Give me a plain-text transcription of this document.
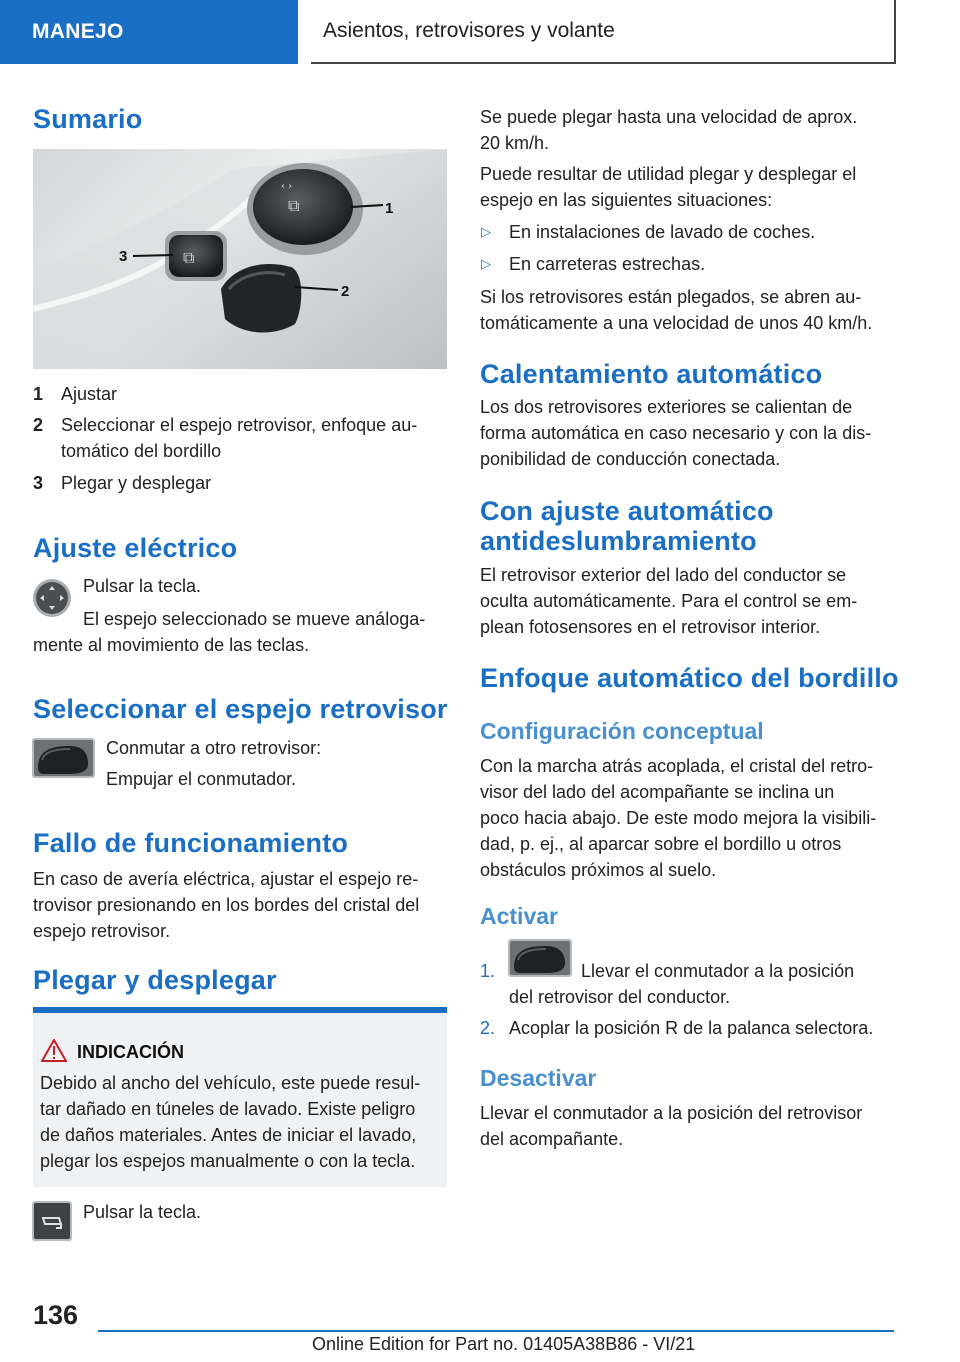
MANEJO	Asientos, retrovisores y volante
Sumario
⧉
‹ ›
⧉
1
2
3
1 Ajustar
2 Seleccionar el espejo retrovisor, enfoque au‐
tomático del bordillo
3 Plegar y desplegar
Ajuste eléctrico
Pulsar la tecla.
El espejo seleccionado se mueve análoga‐
mente al movimiento de las teclas.
Seleccionar el espejo retrovisor
Conmutar a otro retrovisor:
Empujar el conmutador.
Fallo de funcionamiento
En caso de avería eléctrica, ajustar el espejo re‐
trovisor presionando en los bordes del cristal del
espejo retrovisor.
Plegar y desplegar
INDICACIÓN
Debido al ancho del vehículo, este puede resul‐
tar dañado en túneles de lavado. Existe peligro
de daños materiales. Antes de iniciar el lavado,
plegar los espejos manualmente o con la tecla.
Pulsar la tecla.
Se puede plegar hasta una velocidad de aprox.
20 km/h.
Puede resultar de utilidad plegar y desplegar el
espejo en las siguientes situaciones:
▷ En instalaciones de lavado de coches.
▷ En carreteras estrechas.
Si los retrovisores están plegados, se abren au‐
tomáticamente a una velocidad de unos 40 km/h.
Calentamiento automático
Los dos retrovisores exteriores se calientan de
forma automática en caso necesario y con la dis‐
ponibilidad de conducción conectada.
Con ajuste automático
antideslumbramiento
El retrovisor exterior del lado del conductor se
oculta automáticamente. Para el control se em‐
plean fotosensores en el retrovisor interior.
Enfoque automático del bordillo
Configuración conceptual
Con la marcha atrás acoplada, el cristal del retro‐
visor del lado del acompañante se inclina un
poco hacia abajo. De este modo mejora la visibili‐
dad, p. ej., al aparcar sobre el bordillo u otros
obstáculos próximos al suelo.
Activar
1.	Llevar el conmutador a la posición
del retrovisor del conductor.
2. Acoplar la posición R de la palanca selectora.
Desactivar
Llevar el conmutador a la posición del retrovisor
del acompañante.
136
Online Edition for Part no. 01405A38B86 - VI/21
